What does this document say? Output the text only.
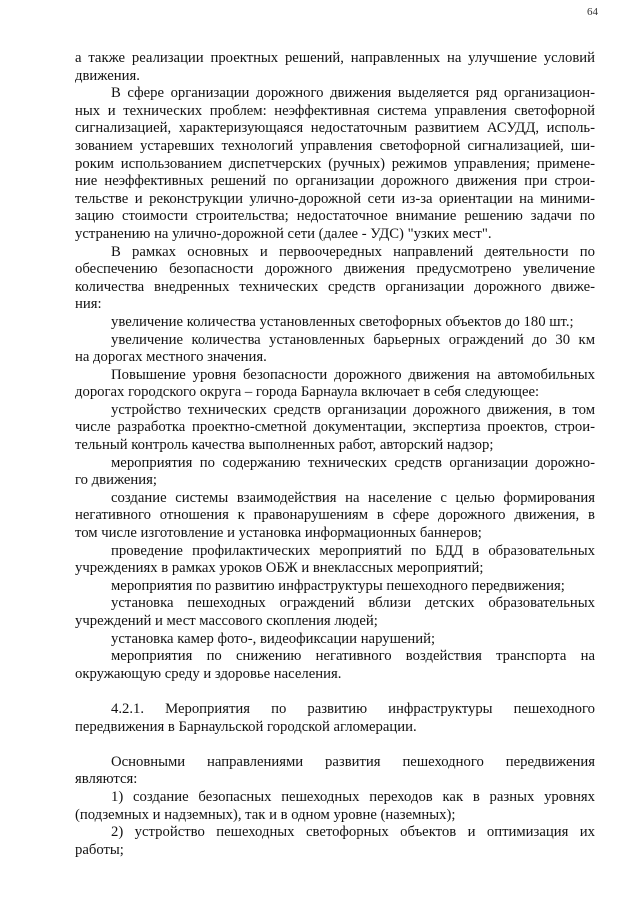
64
а также реализации проектных решений, направленных на улучшение условий
движения.
В сфере организации дорожного движения выделяется ряд организацион-
ных и технических проблем: неэффективная система управления светофорной
сигнализацией, характеризующаяся недостаточным развитием АСУДД, исполь-
зованием устаревших технологий управления светофорной сигнализацией, ши-
роким использованием диспетчерских (ручных) режимов управления; примене-
ние неэффективных решений по организации дорожного движения при строи-
тельстве и реконструкции улично-дорожной сети из-за ориентации на миними-
зацию стоимости строительства; недостаточное внимание решению задачи по
устранению на улично-дорожной сети (далее - УДС) "узких мест".
В рамках основных и первоочередных направлений деятельности по
обеспечению безопасности дорожного движения предусмотрено увеличение
количества внедренных технических средств организации дорожного движе-
ния:
увеличение количества установленных светофорных объектов до 180 шт.;
увеличение количества установленных барьерных ограждений до 30 км
на дорогах местного значения.
Повышение уровня безопасности дорожного движения на автомобильных
дорогах городского округа – города Барнаула включает в себя следующее:
устройство технических средств организации дорожного движения, в том
числе разработка проектно-сметной документации, экспертиза проектов, строи-
тельный контроль качества выполненных работ, авторский надзор;
мероприятия по содержанию технических средств организации дорожно-
го движения;
создание системы взаимодействия на население с целью формирования
негативного отношения к правонарушениям в сфере дорожного движения, в
том числе изготовление и установка информационных баннеров;
проведение профилактических мероприятий по БДД в образовательных
учреждениях в рамках уроков ОБЖ и внеклассных мероприятий;
мероприятия по развитию инфраструктуры пешеходного передвижения;
установка пешеходных ограждений вблизи детских образовательных
учреждений и мест массового скопления людей;
установка камер фото-, видеофиксации нарушений;
мероприятия по снижению негативного воздействия транспорта на
окружающую среду и здоровье населения.
4.2.1. Мероприятия по развитию инфраструктуры пешеходного
передвижения в Барнаульской городской агломерации.
Основными направлениями развития пешеходного передвижения
являются:
1) создание безопасных пешеходных переходов как в разных уровнях
(подземных и надземных), так и в одном уровне (наземных);
2) устройство пешеходных светофорных объектов и оптимизация их
работы;
